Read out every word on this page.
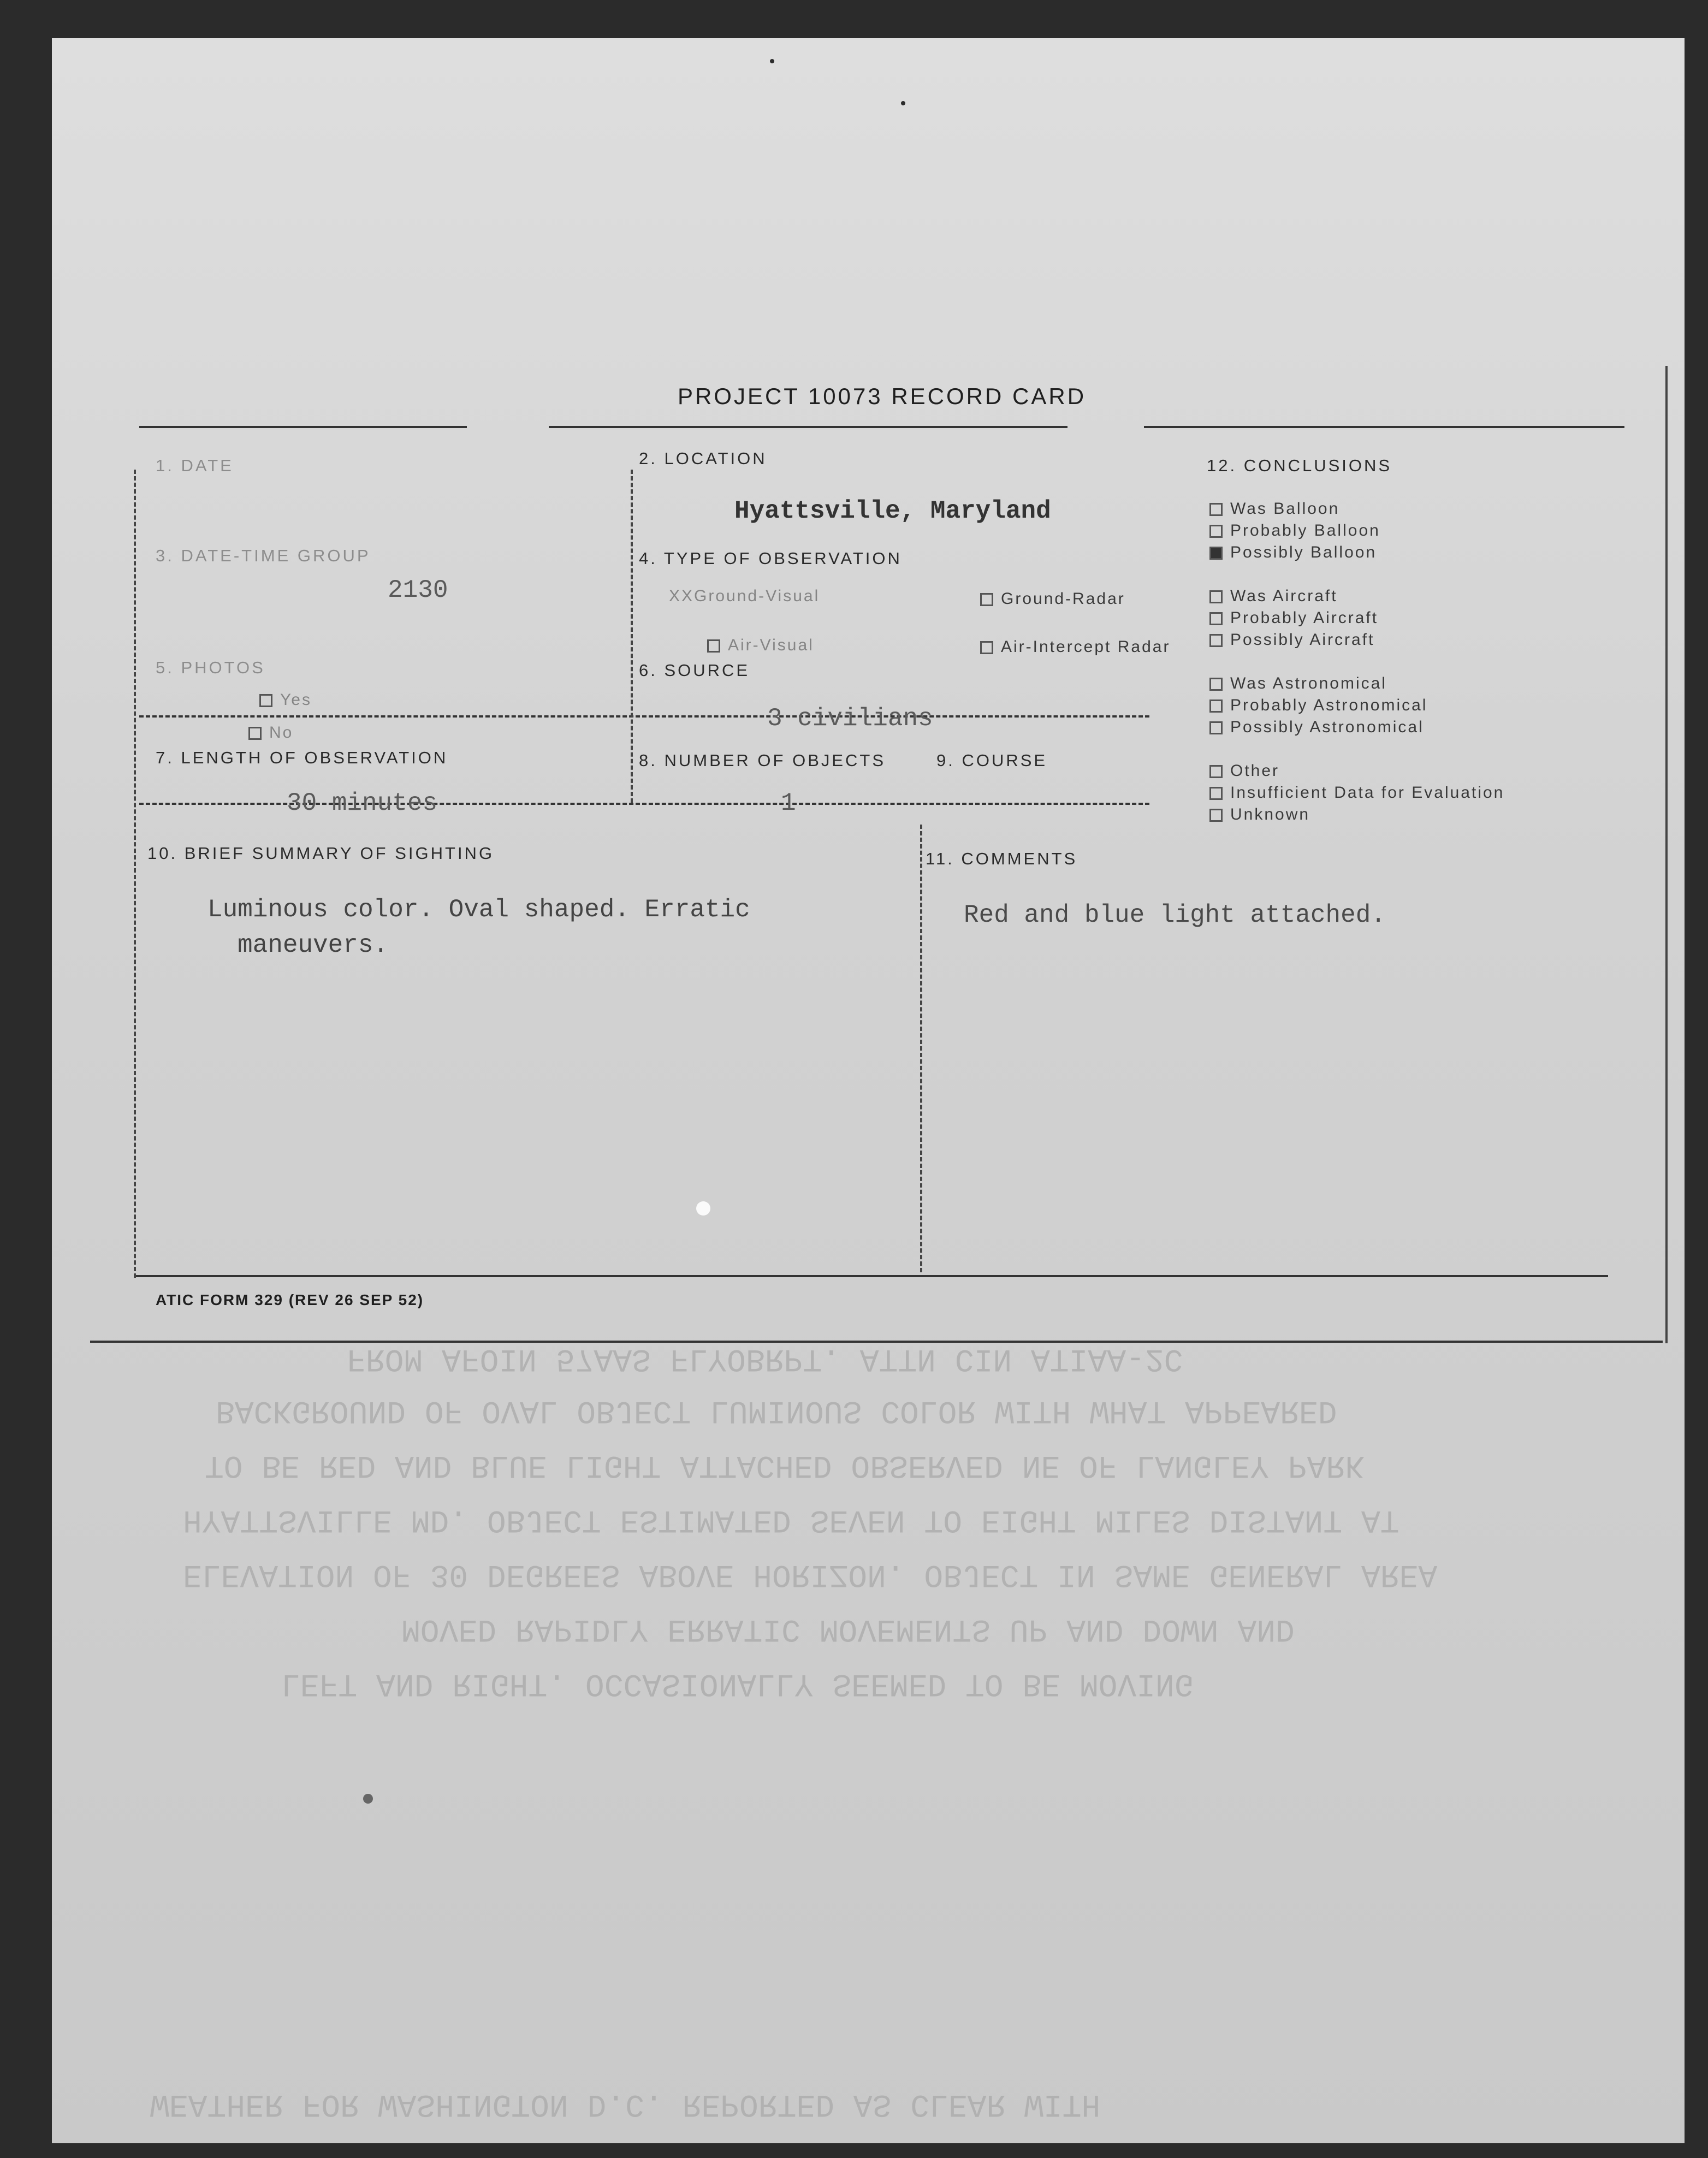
FROM AFOIN 57AAS FLYOBRPT. ATTN CIN ATIAA-2C
BACKGROUND OF OVAL OBJECT LUMINOUS COLOR WITH WHAT APPEARED
TO BE RED AND BLUE LIGHT ATTACHED OBSERVED NE OF LANGLEY PARK
HYATTSVILLE MD. OBJECT ESTIMATED SEVEN TO EIGHT MILES DISTANT AT
ELEVATION OF 30 DEGREES ABOVE HORIZON. OBJECT IN SAME GENERAL AREA
MOVED RAPIDLY ERRATIC MOVEMENTS UP AND DOWN AND
LEFT AND RIGHT. OCCASIONALLY SEEMED TO BE MOVING
WEATHER FOR WASHINGTON D.C. REPORTED AS CLEAR WITH
PROJECT 10073 RECORD CARD
1. DATE
3. DATE-TIME GROUP
2130
2. LOCATION
Hyattsville, Maryland
4. TYPE OF OBSERVATION
XXGround-Visual	Ground-Radar
Air-Visual	Air-Intercept Radar
5. PHOTOS
Yes
No
6. SOURCE
3 civilians
7. LENGTH OF OBSERVATION
30 minutes
8. NUMBER OF OBJECTS
1
9. COURSE
10. BRIEF SUMMARY OF SIGHTING
Luminous color. Oval shaped. Erratic
maneuvers.
11. COMMENTS
Red and blue light attached.
12. CONCLUSIONS
Was Balloon
Probably Balloon
Possibly Balloon
Was Aircraft
Probably Aircraft
Possibly Aircraft
Was Astronomical
Probably Astronomical
Possibly Astronomical
Other
Insufficient Data for Evaluation
Unknown
ATIC FORM 329 (REV 26 SEP 52)
